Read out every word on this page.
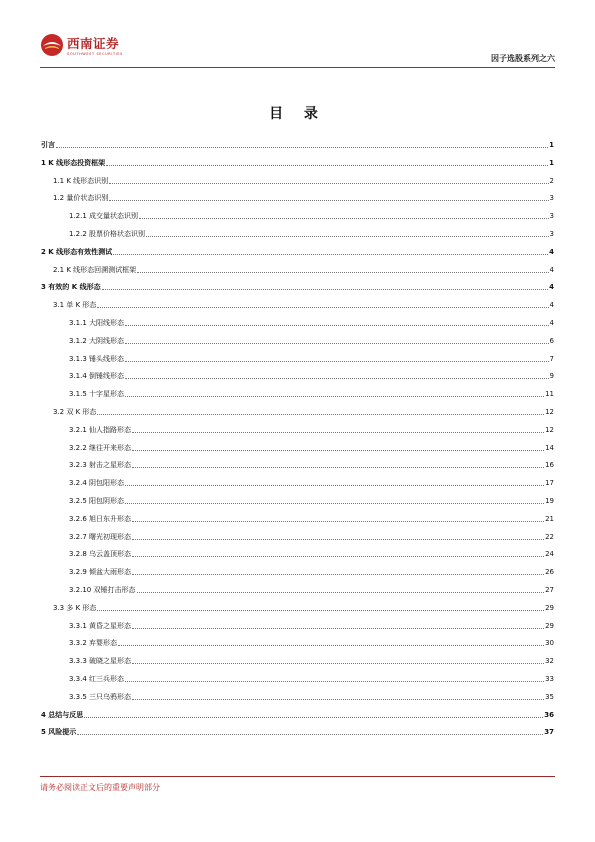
西南证券
SOUTHWEST SECURITIES	因子选股系列之六
目 录
引言	1
1 K 线形态投资框架	1
1.1 K 线形态识别	2
1.2 量价状态识别	3
1.2.1 成交量状态识别	3
1.2.2 股票价格状态识别	3
2 K 线形态有效性测试	4
2.1 K 线形态回溯测试框架	4
3 有效的 K 线形态	4
3.1 单 K 形态	4
3.1.1 大阳线形态	4
3.1.2 大阴线形态	6
3.1.3 锤头线形态	7
3.1.4 倒锤线形态	9
3.1.5 十字星形态	11
3.2 双 K 形态	12
3.2.1 仙人指路形态	12
3.2.2 继往开来形态	14
3.2.3 射击之星形态	16
3.2.4 阴包阳形态	17
3.2.5 阳包阴形态	19
3.2.6 旭日东升形态	21
3.2.7 曙光初现形态	22
3.2.8 乌云盖顶形态	24
3.2.9 倾盆大雨形态	26
3.2.10 双锤打击形态	27
3.3 多 K 形态	29
3.3.1 黄昏之星形态	29
3.3.2 弃婴形态	30
3.3.3 破晓之星形态	32
3.3.4 红三兵形态	33
3.3.5 三只乌鸦形态	35
4 总结与反思	36
5 风险提示	37
请务必阅读正文后的重要声明部分
